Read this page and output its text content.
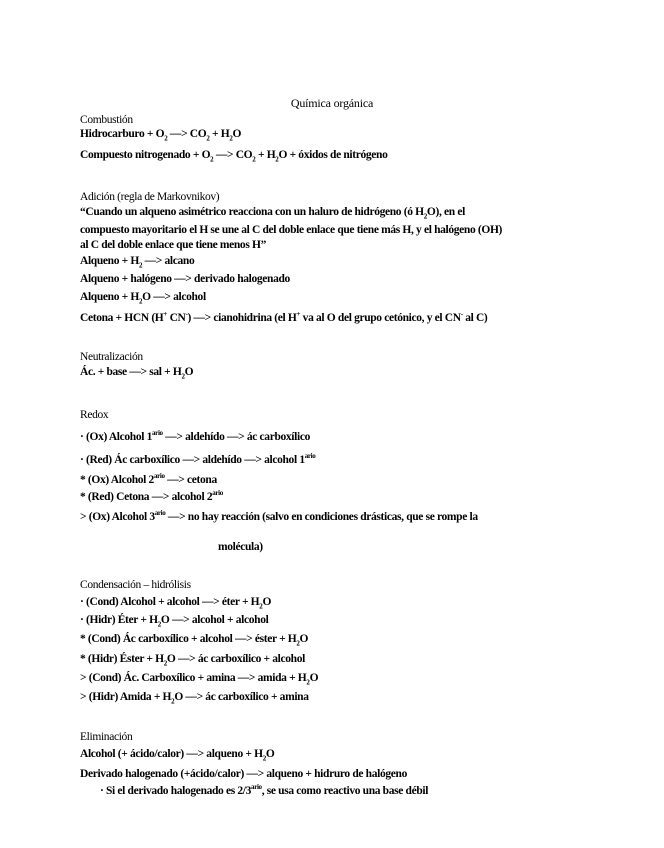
Química orgánica
Combustión
Hidrocarburo + $O_2$ —> $CO_2 + H_2O$
Compuesto nitrogenado + $O_2$ —> $CO_2 + H_2O$ + óxidos de nitrógeno
Adición (regla de Markovnikov)
“Cuando un alqueno asimétrico reacciona con un haluro de hidrógeno (ó $H_2O$), en el
compuesto mayoritario el H se une al C del doble enlace que tiene más H, y el halógeno (OH)
al C del doble enlace que tiene menos H”
Alqueno + $H_2$ —> alcano
Alqueno + halógeno —> derivado halogenado
Alqueno + $H_2O$ —> alcohol
Cetona + HCN (H+ CN-) —> cianohidrina (el H+ va al O del grupo cetónico, y el CN- al C)
Neutralización
Ác. + base —> sal + $H_2O$
Redox
· (Ox) Alcohol $1^{ario}$ —> aldehído —> ác carboxílico
· (Red) Ác carboxílico —> aldehído —> alcohol $1^{ario}$
* (Ox) Alcohol $2^{ario}$ —> cetona
* (Red) Cetona —> alcohol $2^{ario}$
> (Ox) Alcohol $3^{ario}$ —> no hay reacción (salvo en condiciones drásticas, que se rompe la
molécula)
Condensación – hidrólisis
· (Cond) Alcohol + alcohol —> éter + $H_2O$
· (Hidr) Éter + $H_2O$ —> alcohol + alcohol
* (Cond) Ác carboxílico + alcohol —> éster + $H_2O$
* (Hidr) Éster + $H_2O$ —> ác carboxílico + alcohol
> (Cond) Ác. Carboxílico + amina —> amida + $H_2O$
> (Hidr) Amida + $H_2O$ —> ác carboxílico + amina
Eliminación
Alcohol (+ ácido/calor) —> alqueno + $H_2O$
Derivado halogenado (+ácido/calor) —> alqueno + hidruro de halógeno
· Si el derivado halogenado es $2/3^{ario}$, se usa como reactivo una base débil
